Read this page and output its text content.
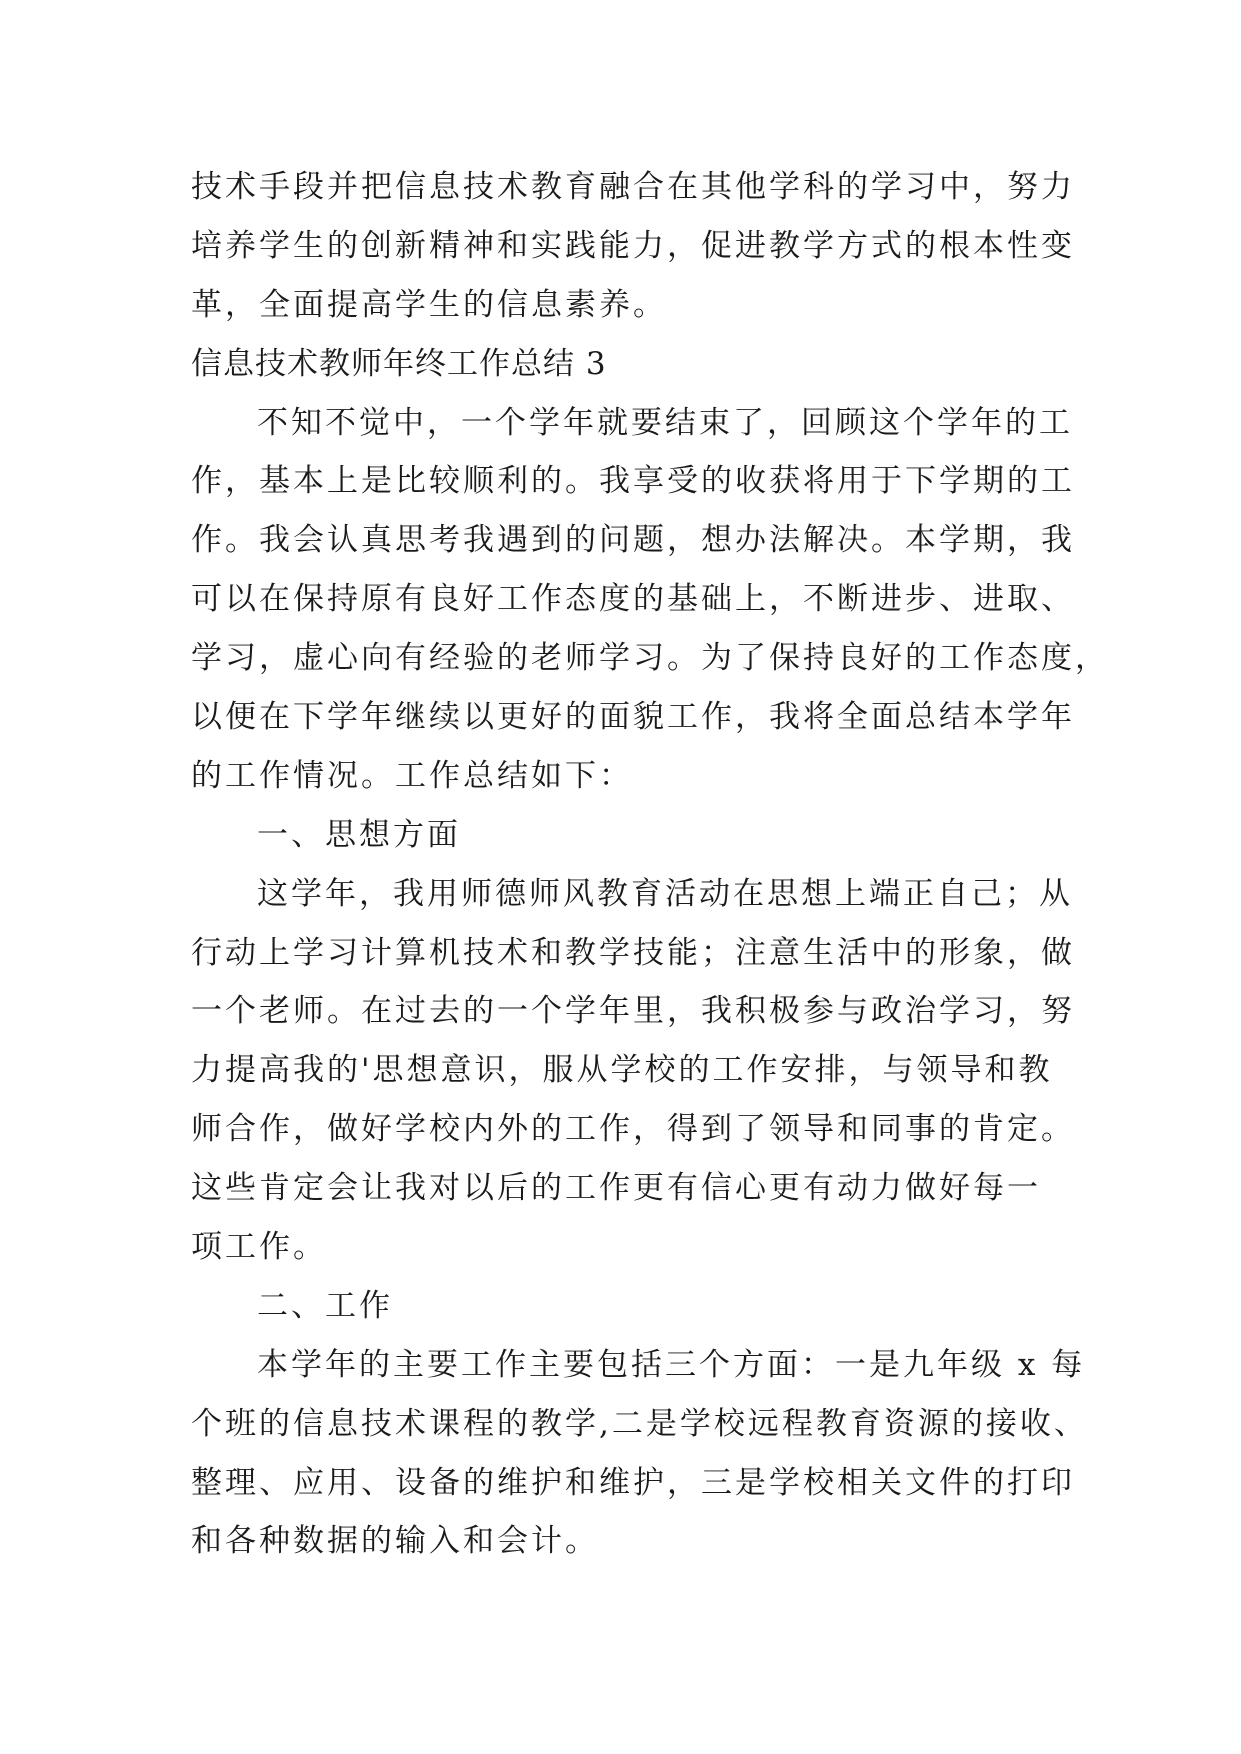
技术手段并把信息技术教育融合在其他学科的学习中，努力
培养学生的创新精神和实践能力，促进教学方式的根本性变
革，全面提高学生的信息素养。
信息技术教师年终工作总结 3
不知不觉中，一个学年就要结束了，回顾这个学年的工
作，基本上是比较顺利的。我享受的收获将用于下学期的工
作。我会认真思考我遇到的问题，想办法解决。本学期，我
可以在保持原有良好工作态度的基础上，不断进步、进取、
学习，虚心向有经验的老师学习。为了保持良好的工作态度，
以便在下学年继续以更好的面貌工作，我将全面总结本学年
的工作情况。工作总结如下：
一、思想方面
这学年，我用师德师风教育活动在思想上端正自己；从
行动上学习计算机技术和教学技能；注意生活中的形象，做
一个老师。在过去的一个学年里，我积极参与政治学习，努
力提高我的'思想意识，服从学校的工作安排，与领导和教
师合作，做好学校内外的工作，得到了领导和同事的肯定。
这些肯定会让我对以后的工作更有信心更有动力做好每一
项工作。
二、工作
本学年的主要工作主要包括三个方面：一是九年级 x 每
个班的信息技术课程的教学,二是学校远程教育资源的接收、
整理、应用、设备的维护和维护，三是学校相关文件的打印
和各种数据的输入和会计。
